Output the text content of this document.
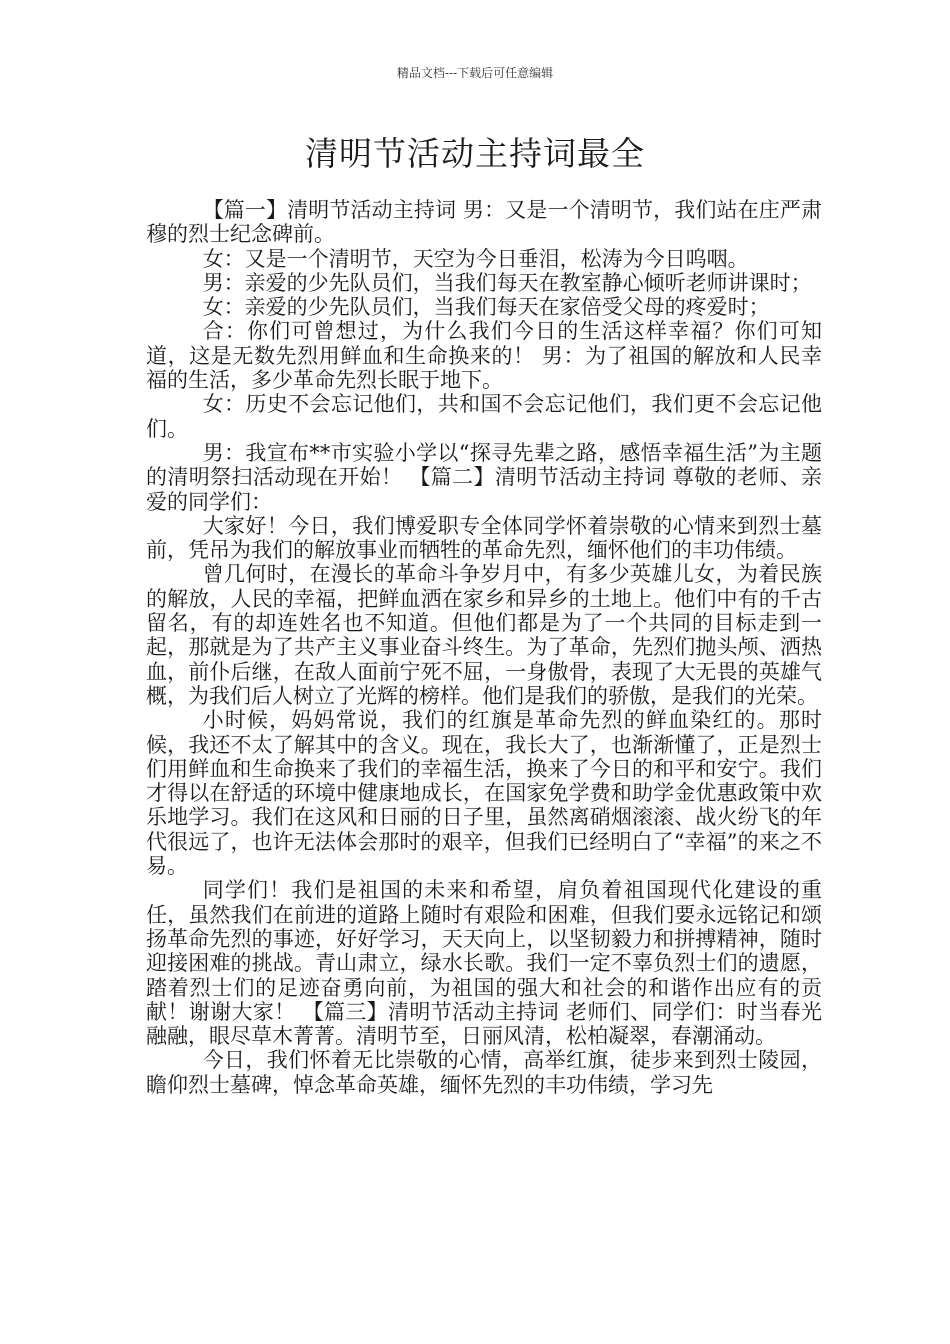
精品文档---下载后可任意编辑
清明节活动主持词最全

【篇一】清明节活动主持词 男：又是一个清明节，我们站在庄严肃穆的烈士纪念碑前。

女：又是一个清明节，天空为今日垂泪，松涛为今日呜咽。

男：亲爱的少先队员们，当我们每天在教室静心倾听老师讲课时；

女：亲爱的少先队员们，当我们每天在家倍受父母的疼爱时；

合：你们可曾想过，为什么我们今日的生活这样幸福？你们可知道，这是无数先烈用鲜血和生命换来的！ 男：为了祖国的解放和人民幸福的生活，多少革命先烈长眠于地下。

女：历史不会忘记他们，共和国不会忘记他们，我们更不会忘记他们。

男：我宣布**市实验小学以“探寻先辈之路，感悟幸福生活”为主题的清明祭扫活动现在开始！ 【篇二】清明节活动主持词 尊敬的老师、亲爱的同学们：

大家好！今日，我们博爱职专全体同学怀着崇敬的心情来到烈士墓前，凭吊为我们的解放事业而牺牲的革命先烈，缅怀他们的丰功伟绩。

曾几何时，在漫长的革命斗争岁月中，有多少英雄儿女，为着民族的解放，人民的幸福，把鲜血洒在家乡和异乡的土地上。他们中有的千古留名，有的却连姓名也不知道。但他们都是为了一个共同的目标走到一起，那就是为了共产主义事业奋斗终生。为了革命，先烈们抛头颅、洒热血，前仆后继，在敌人面前宁死不屈，一身傲骨，表现了大无畏的英雄气概，为我们后人树立了光辉的榜样。他们是我们的骄傲，是我们的光荣。

小时候，妈妈常说，我们的红旗是革命先烈的鲜血染红的。那时候，我还不太了解其中的含义。现在，我长大了，也渐渐懂了，正是烈士们用鲜血和生命换来了我们的幸福生活，换来了今日的和平和安宁。我们才得以在舒适的环境中健康地成长，在国家免学费和助学金优惠政策中欢乐地学习。我们在这风和日丽的日子里，虽然离硝烟滚滚、战火纷飞的年代很远了，也许无法体会那时的艰辛，但我们已经明白了“幸福”的来之不易。

同学们！我们是祖国的未来和希望，肩负着祖国现代化建设的重任，虽然我们在前进的道路上随时有艰险和困难，但我们要永远铭记和颂扬革命先烈的事迹，好好学习，天天向上，以坚韧毅力和拼搏精神，随时迎接困难的挑战。青山肃立，绿水长歌。我们一定不辜负烈士们的遗愿，踏着烈士们的足迹奋勇向前，为祖国的强大和社会的和谐作出应有的贡献！谢谢大家！ 【篇三】清明节活动主持词 老师们、同学们：时当春光融融，眼尽草木菁菁。清明节至，日丽风清，松柏凝翠，春潮涌动。

今日，我们怀着无比崇敬的心情，高举红旗，徒步来到烈士陵园，瞻仰烈士墓碑，悼念革命英雄，缅怀先烈的丰功伟绩，学习先
